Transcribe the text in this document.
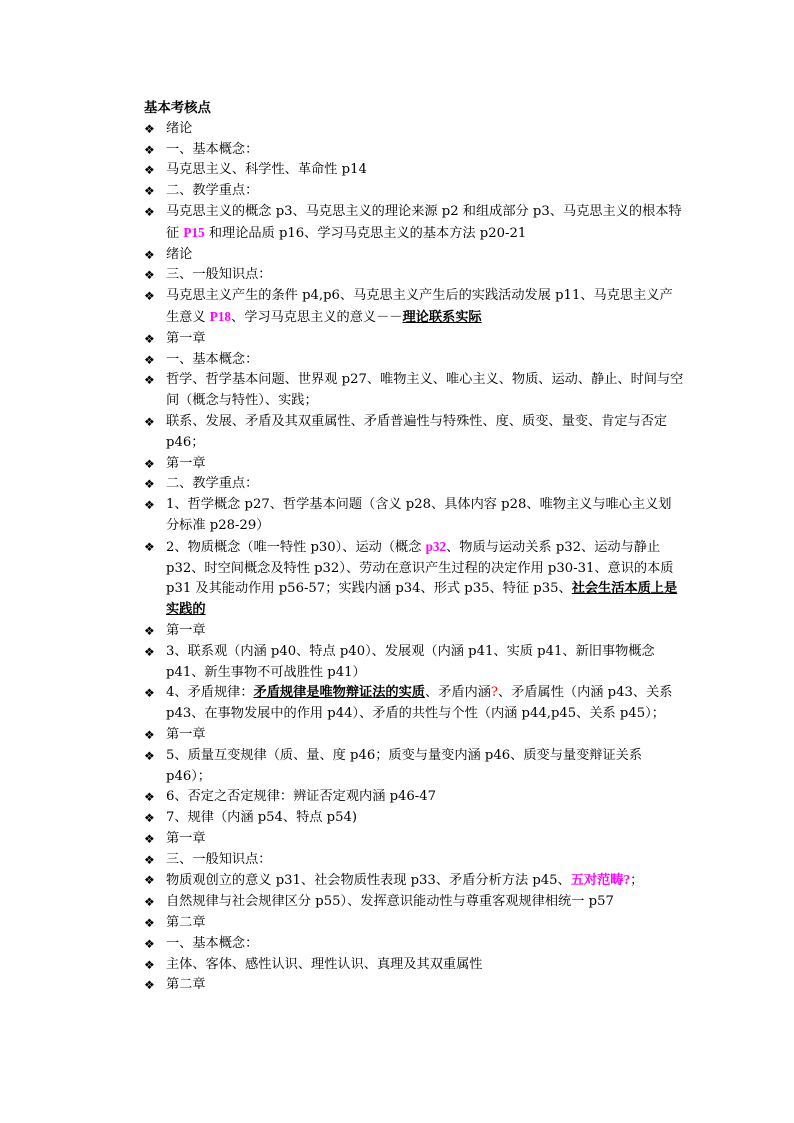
基本考核点
❖ 绪论
❖ 一、基本概念：
❖ 马克思主义、科学性、革命性 p14
❖ 二、教学重点：
❖ 马克思主义的概念 p3、马克思主义的理论来源 p2 和组成部分 p3、马克思主义的根本特征 P15 和理论品质 p16、学习马克思主义的基本方法 p20-21
❖ 绪论
❖ 三、一般知识点：
❖ 马克思主义产生的条件 p4,p6、马克思主义产生后的实践活动发展 p11、马克思主义产生意义 P18、学习马克思主义的意义－－理论联系实际
❖ 第一章
❖ 一、基本概念：
❖ 哲学、哲学基本问题、世界观 p27、唯物主义、唯心主义、物质、运动、静止、时间与空间（概念与特性）、实践；
❖ 联系、发展、矛盾及其双重属性、矛盾普遍性与特殊性、度、质变、量变、肯定与否定 p46；
❖ 第一章
❖ 二、教学重点：
❖ 1、哲学概念 p27、哲学基本问题（含义 p28、具体内容 p28、唯物主义与唯心主义划分标准 p28-29）
❖ 2、物质概念（唯一特性 p30）、运动（概念 p32、物质与运动关系 p32、运动与静止 p32、时空间概念及特性 p32）、劳动在意识产生过程的决定作用 p30-31、意识的本质 p31 及其能动作用 p56-57；实践内涵 p34、形式 p35、特征 p35、社会生活本质上是实践的
❖ 第一章
❖ 3、联系观（内涵 p40、特点 p40）、发展观（内涵 p41、实质 p41、新旧事物概念 p41、新生事物不可战胜性 p41）
❖ 4、矛盾规律：矛盾规律是唯物辩证法的实质、矛盾内涵?、矛盾属性（内涵 p43、关系 p43、在事物发展中的作用 p44）、矛盾的共性与个性（内涵 p44,p45、关系 p45）；
❖ 第一章
❖ 5、质量互变规律（质、量、度 p46；质变与量变内涵 p46、质变与量变辩证关系 p46）；
❖ 6、否定之否定规律：辨证否定观内涵 p46-47
❖ 7、规律（内涵 p54、特点 p54)
❖ 第一章
❖ 三、一般知识点：
❖ 物质观创立的意义 p31、社会物质性表现 p33、矛盾分析方法 p45、五对范畴?；
❖ 自然规律与社会规律区分 p55）、发挥意识能动性与尊重客观规律相统一 p57
❖ 第二章
❖ 一、基本概念：
❖ 主体、客体、感性认识、理性认识、真理及其双重属性
❖ 第二章
